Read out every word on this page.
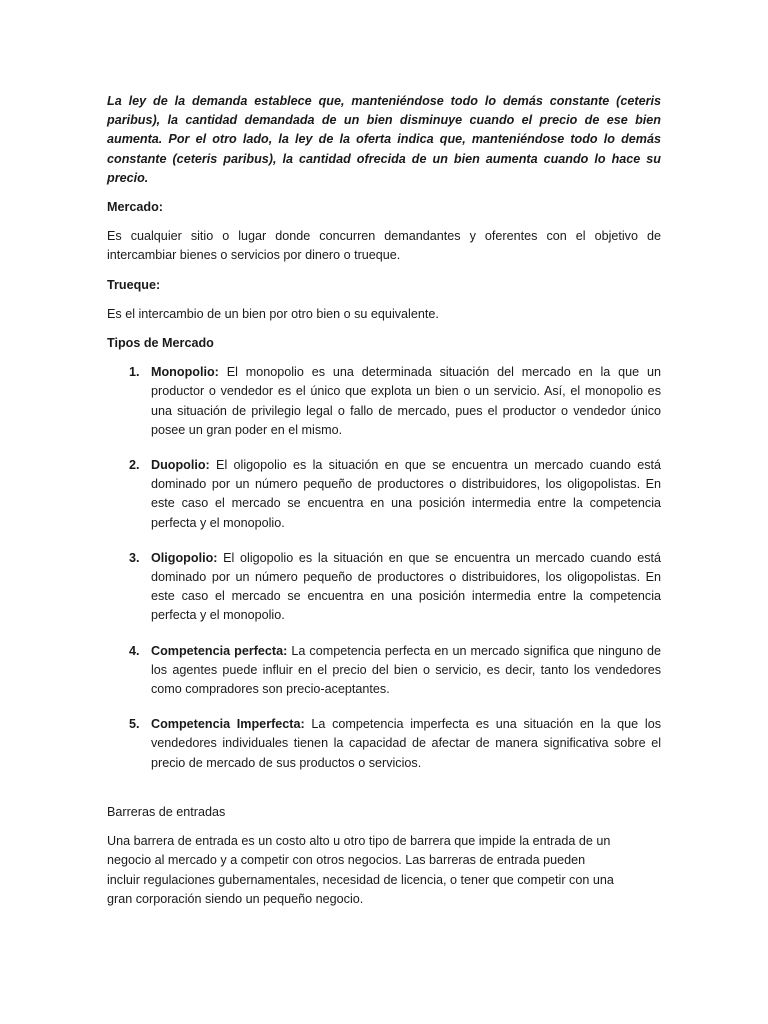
La ley de la demanda establece que, manteniéndose todo lo demás constante (ceteris paribus), la cantidad demandada de un bien disminuye cuando el precio de ese bien aumenta. Por el otro lado, la ley de la oferta indica que, manteniéndose todo lo demás constante (ceteris paribus), la cantidad ofrecida de un bien aumenta cuando lo hace su precio.

Mercado:

Es cualquier sitio o lugar donde concurren demandantes y oferentes con el objetivo de intercambiar bienes o servicios por dinero o trueque.

Trueque:

Es el intercambio de un bien por otro bien o su equivalente.

Tipos de Mercado

1. Monopolio: El monopolio es una determinada situación del mercado en la que un productor o vendedor es el único que explota un bien o un servicio. Así, el monopolio es una situación de privilegio legal o fallo de mercado, pues el productor o vendedor único posee un gran poder en el mismo.
2. Duopolio: El oligopolio es la situación en que se encuentra un mercado cuando está dominado por un número pequeño de productores o distribuidores, los oligopolistas. En este caso el mercado se encuentra en una posición intermedia entre la competencia perfecta y el monopolio.
3. Oligopolio: El oligopolio es la situación en que se encuentra un mercado cuando está dominado por un número pequeño de productores o distribuidores, los oligopolistas. En este caso el mercado se encuentra en una posición intermedia entre la competencia perfecta y el monopolio.
4. Competencia perfecta: La competencia perfecta en un mercado significa que ninguno de los agentes puede influir en el precio del bien o servicio, es decir, tanto los vendedores como compradores son precio-aceptantes.
5. Competencia Imperfecta: La competencia imperfecta es una situación en la que los vendedores individuales tienen la capacidad de afectar de manera significativa sobre el precio de mercado de sus productos o servicios.

Barreras de entradas

Una barrera de entrada es un costo alto u otro tipo de barrera que impide la entrada de un negocio al mercado y a competir con otros negocios. Las barreras de entrada pueden incluir regulaciones gubernamentales, necesidad de licencia, o tener que competir con una gran corporación siendo un pequeño negocio.
